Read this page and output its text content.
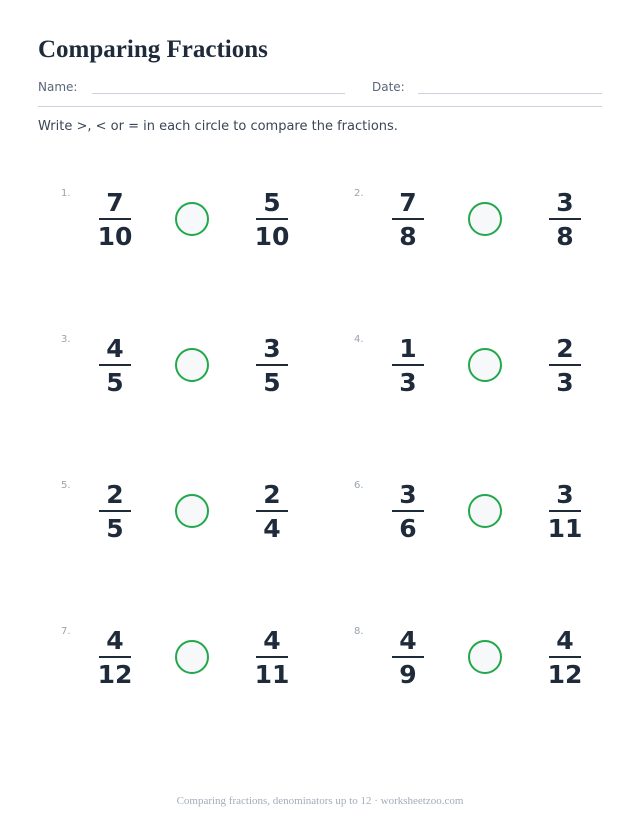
Comparing Fractions
Name:	Date:
Write >, < or = in each circle to compare the fractions.
1.	7
10
5
10
2.	7
8
3
8
3.	4
5
3
5
4.	1
3
2
3
5.	2
5
2
4
6.	3
6
3
11
7.	4
12
4
11
8.	4
9
4
12
Comparing fractions, denominators up to 12 · worksheetzoo.com
